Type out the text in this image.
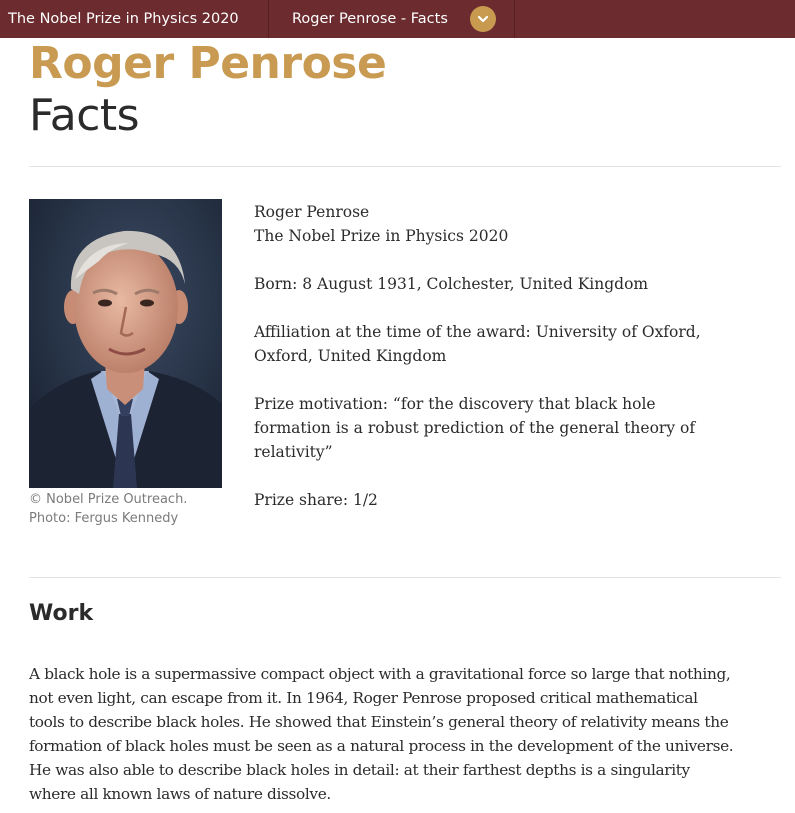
The Nobel Prize in Physics 2020	Roger Penrose - Facts
Roger Penrose
Facts
© Nobel Prize Outreach.
Photo: Fergus Kennedy

Roger Penrose
The Nobel Prize in Physics 2020

Born: 8 August 1931, Colchester, United Kingdom

Affiliation at the time of the award: University of Oxford,
Oxford, United Kingdom

Prize motivation: “for the discovery that black hole
formation is a robust prediction of the general theory of
relativity”

Prize share: 1/2

Work
A black hole is a supermassive compact object with a gravitational force so large that nothing,
not even light, can escape from it. In 1964, Roger Penrose proposed critical mathematical
tools to describe black holes. He showed that Einstein’s general theory of relativity means the
formation of black holes must be seen as a natural process in the development of the universe.
He was also able to describe black holes in detail: at their farthest depths is a singularity
where all known laws of nature dissolve.
